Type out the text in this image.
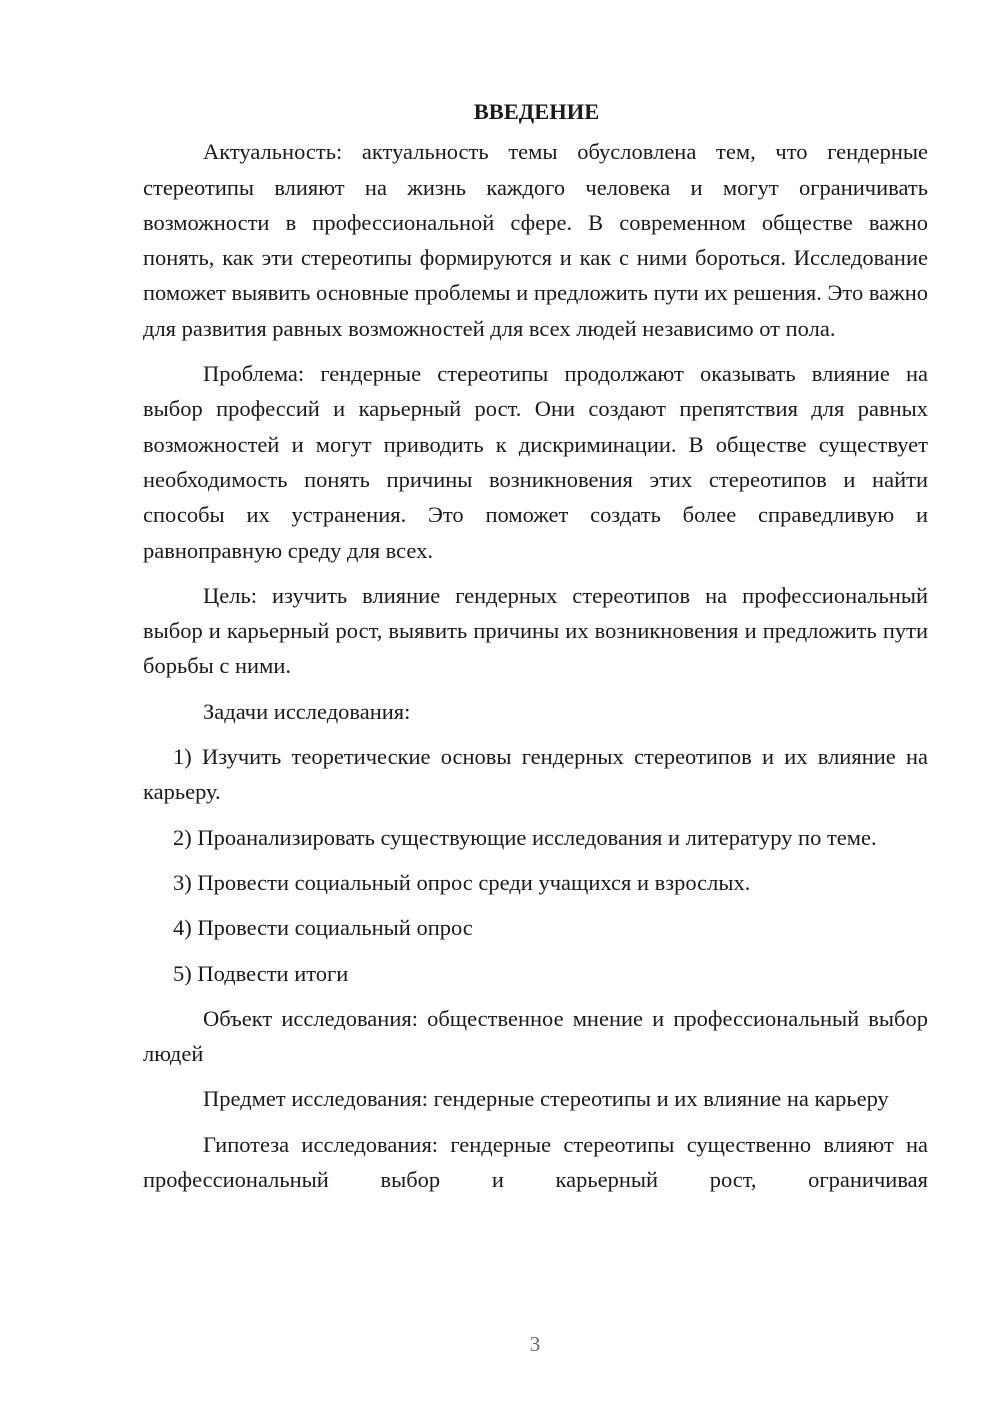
ВВЕДЕНИЕ

Актуальность: актуальность темы обусловлена тем, что гендерные стереотипы влияют на жизнь каждого человека и могут ограничивать возможности в профессиональной сфере. В современном обществе важно понять, как эти стереотипы формируются и как с ними бороться. Исследование поможет выявить основные проблемы и предложить пути их решения. Это важно для развития равных возможностей для всех людей независимо от пола.

Проблема: гендерные стереотипы продолжают оказывать влияние на выбор профессий и карьерный рост. Они создают препятствия для равных возможностей и могут приводить к дискриминации. В обществе существует необходимость понять причины возникновения этих стереотипов и найти способы их устранения. Это поможет создать более справедливую и равноправную среду для всех.

Цель: изучить влияние гендерных стереотипов на профессиональный выбор и карьерный рост, выявить причины их возникновения и предложить пути борьбы с ними.

Задачи исследования:

1) Изучить теоретические основы гендерных стереотипов и их влияние на карьеру.

2) Проанализировать существующие исследования и литературу по теме.

3) Провести социальный опрос среди учащихся и взрослых.

4) Провести социальный опрос

5) Подвести итоги

Объект исследования: общественное мнение и профессиональный выбор людей

Предмет исследования: гендерные стереотипы и их влияние на карьеру

Гипотеза исследования: гендерные стереотипы существенно влияют на профессиональный выбор и карьерный рост, ограничивая

3
